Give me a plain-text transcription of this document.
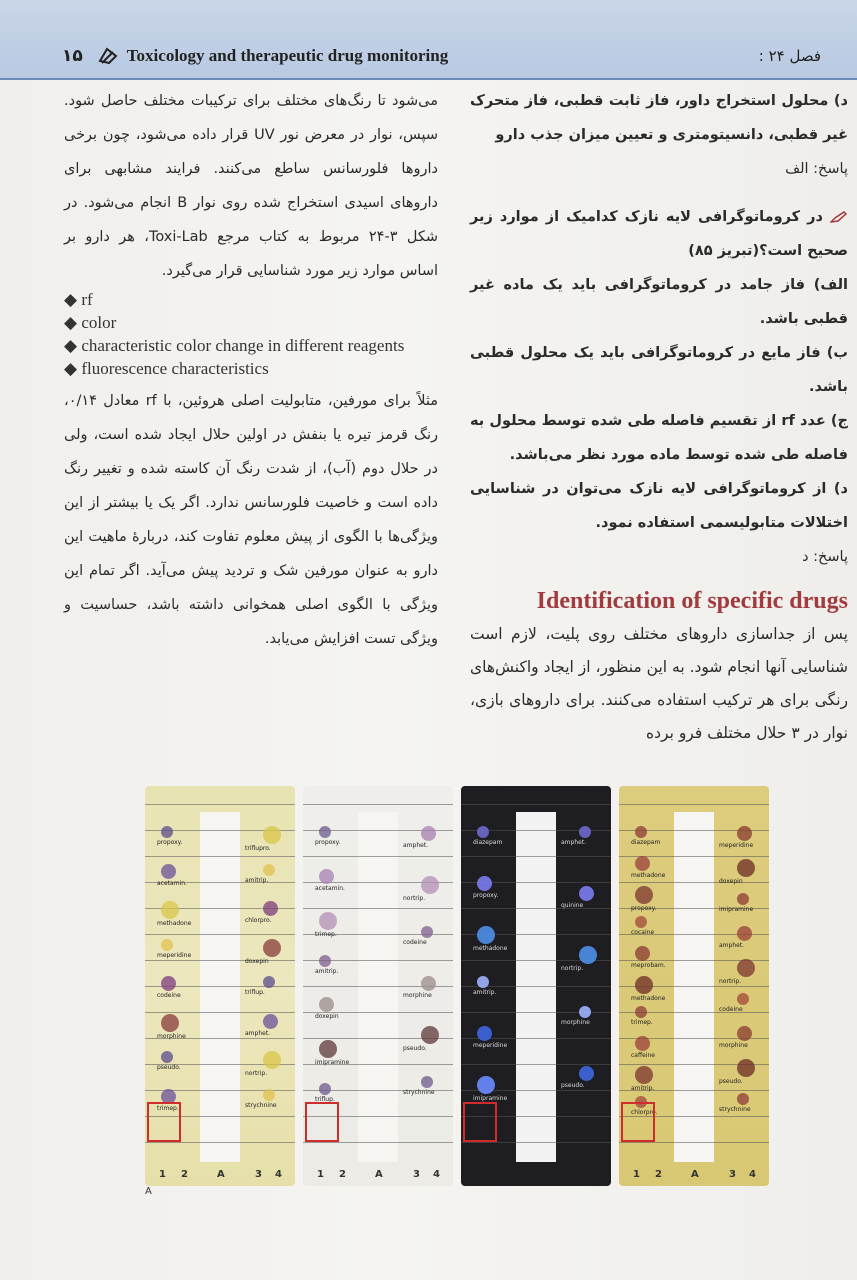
۱۵	Toxicology and therapeutic drug monitoring	فصل ۲۴ :

می‌شود تا رنگ‌های مختلف برای ترکیبات مختلف حاصل شود. سپس، نوار در معرض نور UV قرار داده می‌شود، چون برخی داروها فلورسانس ساطع می‌کنند. فرایند مشابهی برای داروهای اسیدی استخراج شده روی نوار B انجام می‌شود. در شکل ۳-۲۴ مربوط به کتاب مرجع Toxi-Lab، هر دارو بر اساس موارد زیر مورد شناسایی قرار می‌گیرد.

◆ rf

◆ color

◆ characteristic color change in different reagents

◆ fluorescence characteristics

مثلاً برای مورفین، متابولیت اصلی هروئین، با rf معادل ۰/۱۴، رنگ قرمز تیره یا بنفش در اولین حلال ایجاد شده است، ولی در حلال دوم (آب)، از شدت رنگ آن کاسته شده و تغییر رنگ داده است و خاصیت فلورسانس ندارد. اگر یک یا بیشتر از این ویژگی‌ها با الگوی از پیش معلوم تفاوت کند، دربارهٔ ماهیت این دارو به عنوان مورفین شک و تردید پیش می‌آید. اگر تمام این ویژگی با الگوی اصلی همخوانی داشته باشد، حساسیت و ویژگی تست افزایش می‌یابد.

د) محلول استخراج داور، فاز ثابت قطبی، فاز متحرک غیر قطبی، دانسیتومتری و تعیین میزان جذب دارو

پاسخ: الف

در کروماتوگرافی لایه نازک کدامیک از موارد زیر صحیح است؟(تبریز ۸۵)

الف) فاز جامد در کروماتوگرافی باید یک ماده غیر قطبی باشد.

ب) فاز مایع در کروماتوگرافی باید یک محلول قطبی باشد.

ج) عدد rf از تقسیم فاصله طی شده توسط محلول به فاصله طی شده توسط ماده مورد نظر می‌باشد.

د) از کروماتوگرافی لایه نازک می‌توان در شناسایی اختلالات متابولیسمی استفاده نمود.

پاسخ: د

Identification of specific drugs

پس از جداسازی داروهای مختلف روی پلیت، لازم است شناسایی آنها انجام شود. به این منظور، از ایجاد واکنش‌های رنگی برای هر ترکیب استفاده می‌کنند. برای داروهای بازی، نوار در ۳ حلال مختلف فرو برده

propoxy.
acetamin.
methadone
meperidine
codeine
morphine
pseudo.
trimep.
triflupro.
amitrip.
chlorpro.
doxepin
triflup.
amphet.
nortrip.
strychnine
1 2	A	3 4
propoxy.
acetamin.
trimep.
amitrip.
doxepin
imipramine
triflup.
amphet.
nortrip.
codeine
morphine
pseudo.
strychnine
1 2	A	3 4
diazepam
propoxy.
methadone
amitrip.
meperidine
imipramine
amphet.
quinine
nortrip.
morphine
pseudo.
diazepam
methadone
propoxy.
cocaine
meprobam.
methadone
trimep.
caffeine
amitrip.
chlorpro.
meperidine
doxepin
imipramine
amphet.
nortrip.
codeine
morphine
pseudo.
strychnine
1 2	A	3 4
A
